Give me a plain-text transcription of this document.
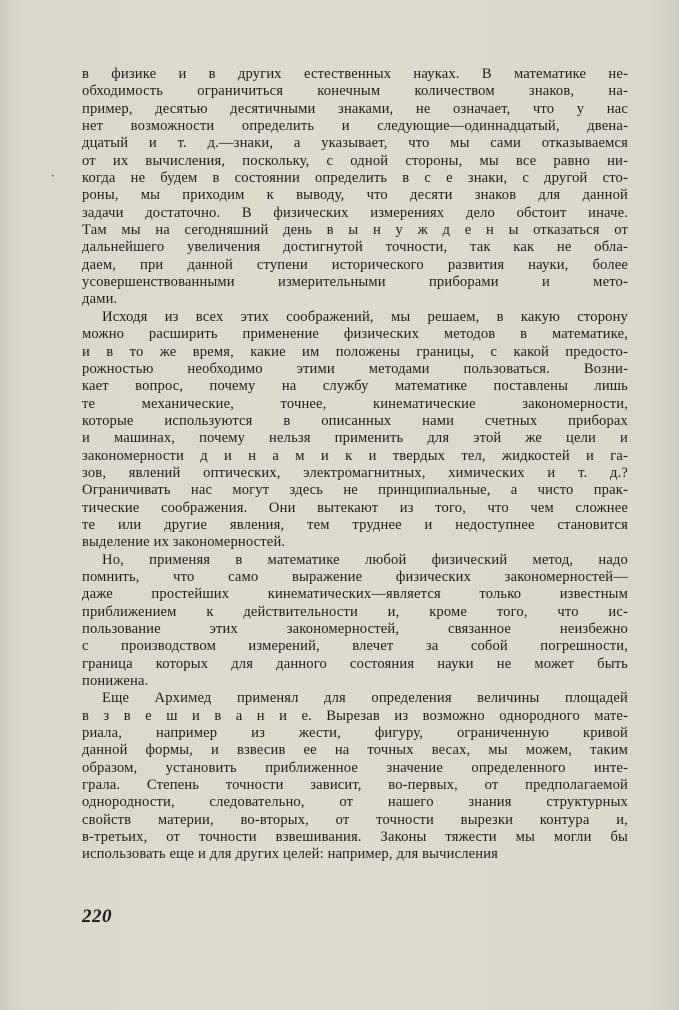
·

в физике и в других естественных науках. В математике не-
обходимость ограничиться конечным количеством знаков, на-
пример, десятью десятичными знаками, не означает, что у нас
нет возможности определить и следующие—одиннадцатый, двена-
дцатый и т. д.—знаки, а указывает, что мы сами отказываемся
от их вычисления, поскольку, с одной стороны, мы все равно ни-
когда не будем в состоянии определить в с е знаки, с другой сто-
роны, мы приходим к выводу, что десяти знаков для данной
задачи достаточно. В физических измерениях дело обстоит иначе.
Там мы на сегодняшний день в ы н у ж д е н ы отказаться от
дальнейшего увеличения достигнутой точности, так как не обла-
даем, при данной ступени исторического развития науки, более
усовершенствованными измерительными приборами и мето-
дами.

Исходя из всех этих соображений, мы решаем, в какую сторону
можно расширить применение физических методов в математике,
и в то же время, какие им положены границы, с какой предосто-
рожностью необходимо этими методами пользоваться. Возни-
кает вопрос, почему на службу математике поставлены лишь
те механические, точнее, кинематические закономерности,
которые используются в описанных нами счетных приборах
и машинах, почему нельзя применить для этой же цели и
закономерности д и н а м и к и твердых тел, жидкостей и га-
зов, явлений оптических, электромагнитных, химических и т. д.?
Ограничивать нас могут здесь не принципиальные, а чисто прак-
тические соображения. Они вытекают из того, что чем сложнее
те или другие явления, тем труднее и недоступнее становится
выделение их закономерностей.

Но, применяя в математике любой физический метод, надо
помнить, что само выражение физических закономерностей—
даже простейших кинематических—является только известным
приближением к действительности и, кроме того, что ис-
пользование этих закономерностей, связанное неизбежно
с производством измерений, влечет за собой погрешности,
граница которых для данного состояния науки не может быть
понижена.

Еще Архимед применял для определения величины площадей
в з в е ш и в а н и е. Вырезав из возможно однородного мате-
риала, например из жести, фигуру, ограниченную кривой
данной формы, и взвесив ее на точных весах, мы можем, таким
образом, установить приближенное значение определенного инте-
грала. Степень точности зависит, во-первых, от предполагаемой
однородности, следовательно, от нашего знания структурных
свойств материи, во-вторых, от точности вырезки контура и,
в-третьих, от точности взвешивания. Законы тяжести мы могли бы
использовать еще и для других целей: например, для вычисления

220
